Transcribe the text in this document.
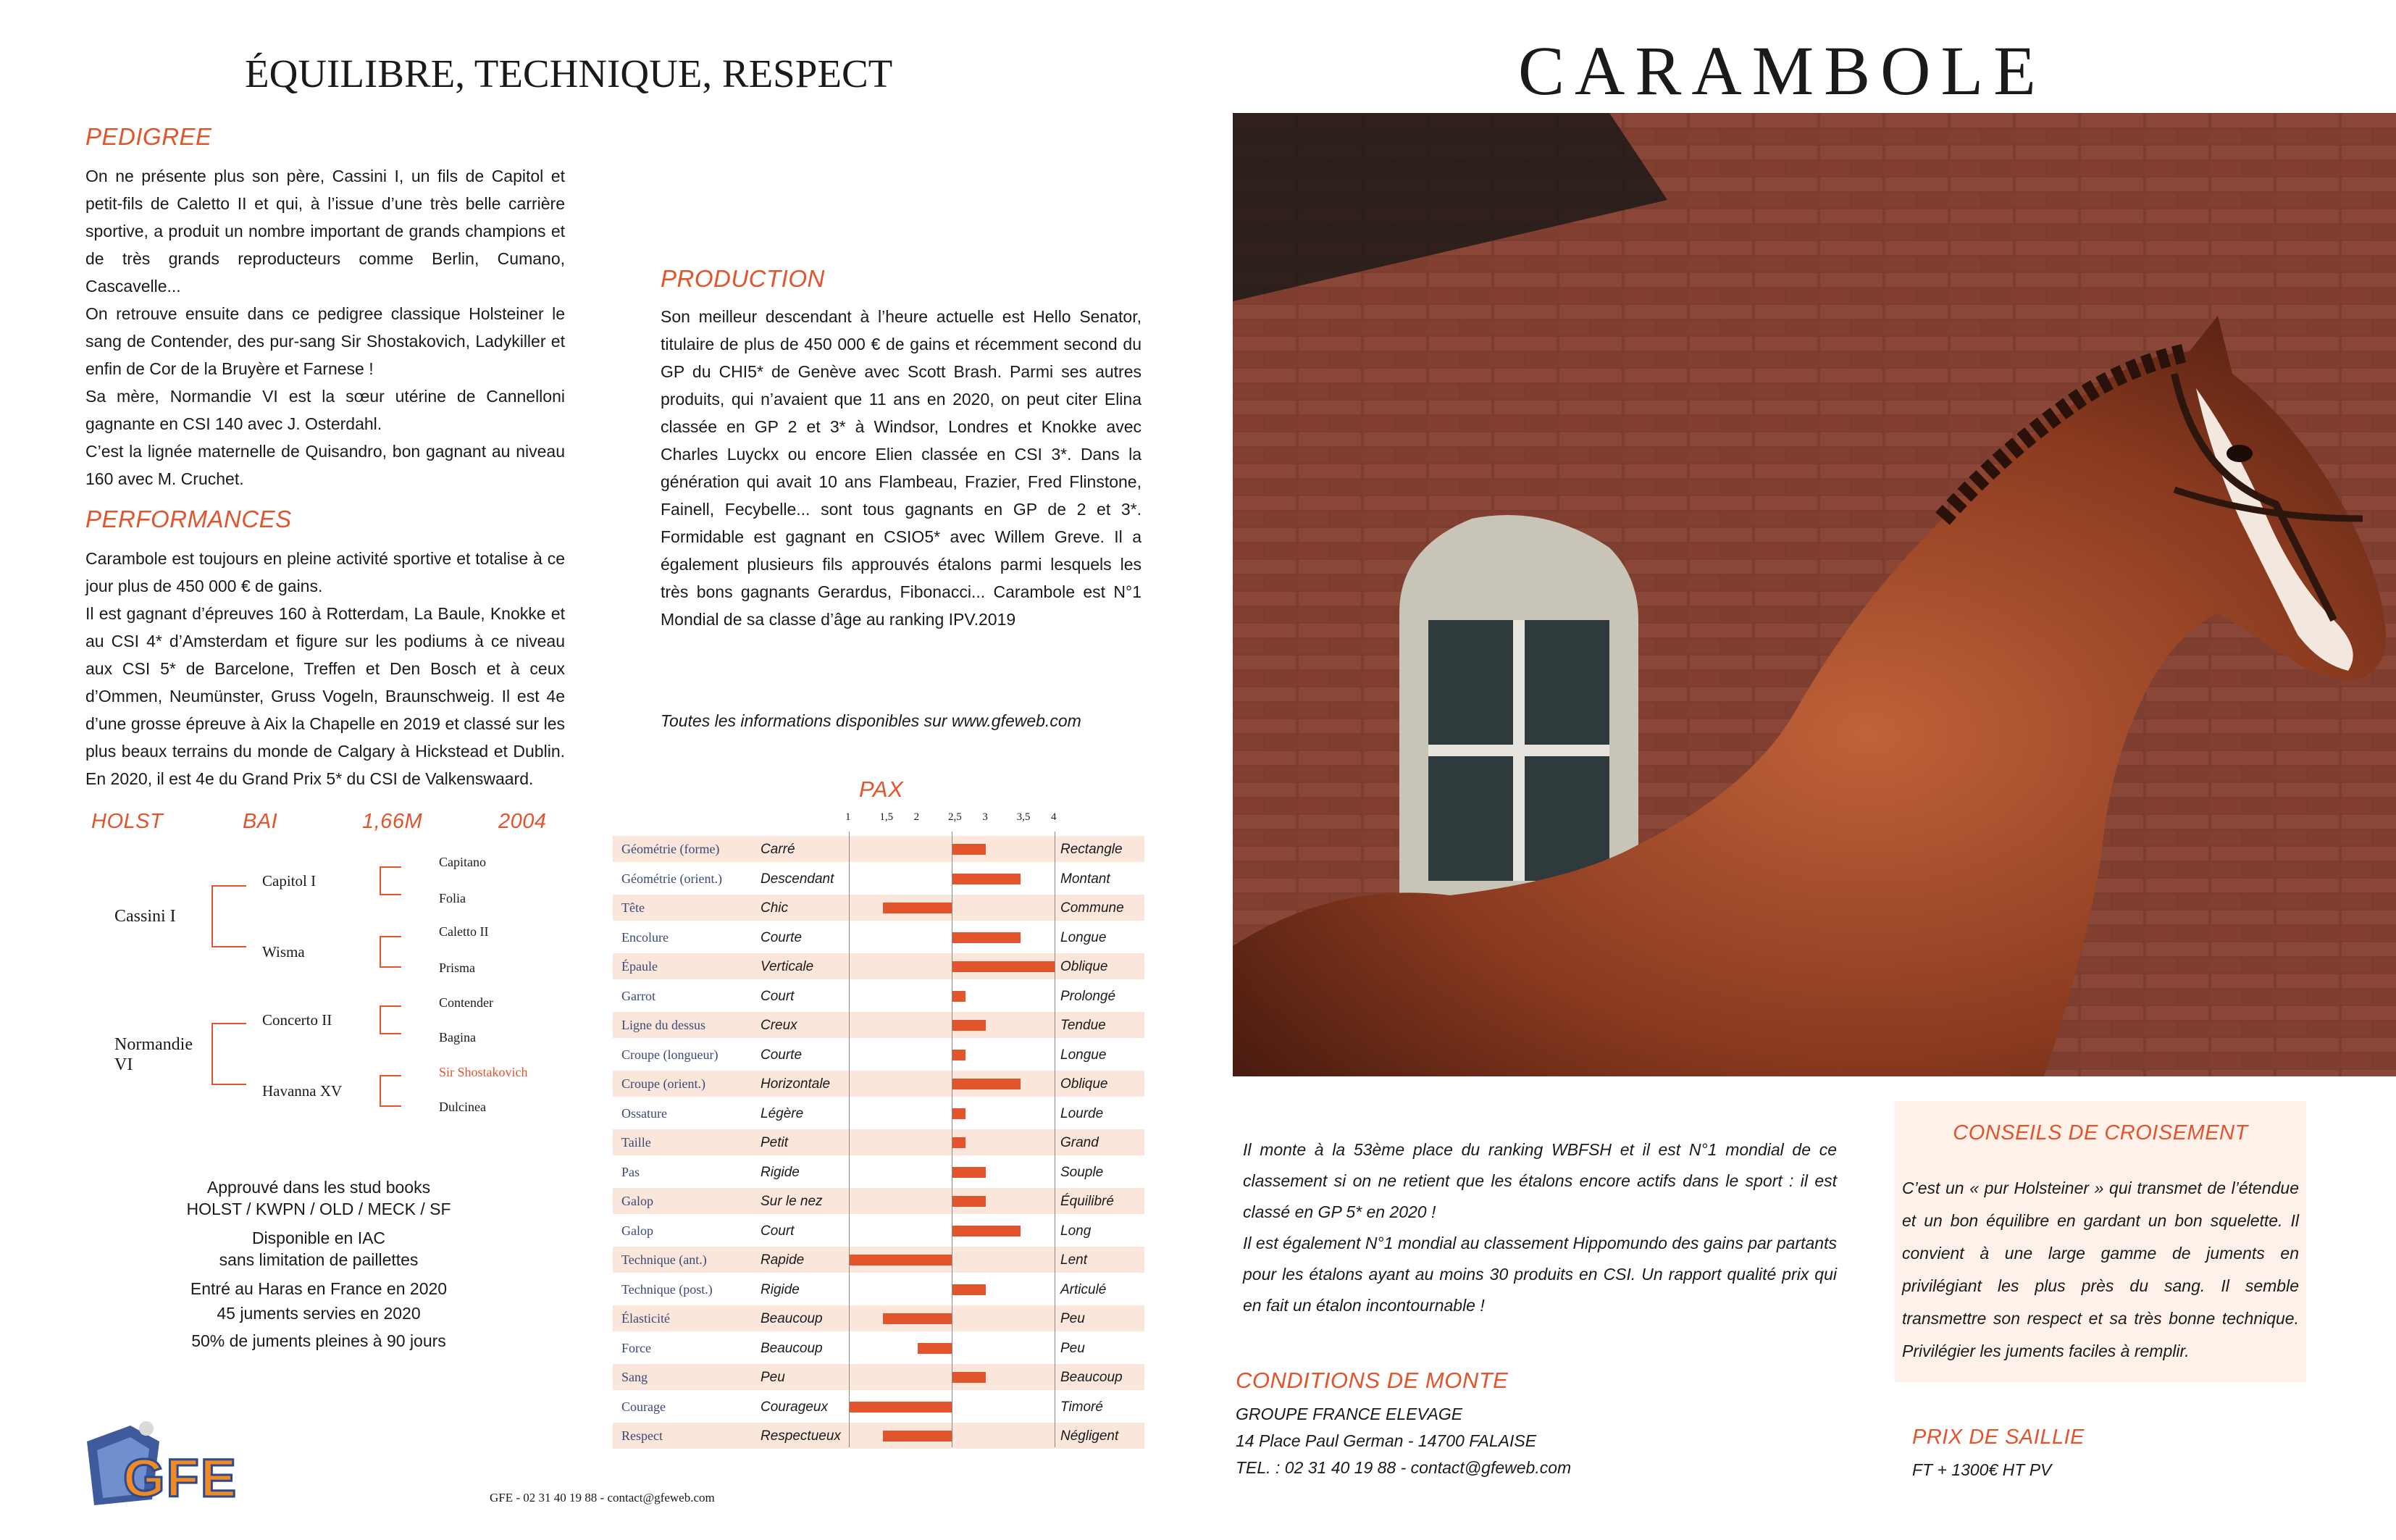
ÉQUILIBRE, TECHNIQUE, RESPECT
PEDIGREE

On ne présente plus son père, Cassini I, un fils de Capitol et petit-fils de Caletto II et qui, à l’issue d’une très belle carrière sportive, a produit un nombre important de grands champions et de très grands reproducteurs comme Berlin, Cumano, Cascavelle...

On retrouve ensuite dans ce pedigree classique Holsteiner le sang de Contender, des pur-sang Sir Shostakovich, Ladykiller et enfin de Cor de la Bruyère et Farnese !

Sa mère, Normandie VI est la sœur utérine de Cannelloni gagnante en CSI 140 avec J. Osterdahl.

C’est la lignée maternelle de Quisandro, bon gagnant au niveau 160 avec M. Cruchet.

PERFORMANCES

Carambole est toujours en pleine activité sportive et totalise à ce jour plus de 450 000 € de gains.

Il est gagnant d’épreuves 160 à Rotterdam, La Baule, Knokke et au CSI 4* d’Amsterdam et figure sur les podiums à ce niveau aux CSI 5* de Barcelone, Treffen et Den Bosch et à ceux d’Ommen, Neumünster, Gruss Vogeln, Braunschweig. Il est 4e d’une grosse épreuve à Aix la Chapelle en 2019 et classé sur les plus beaux terrains du monde de Calgary à Hickstead et Dublin. En 2020, il est 4e du Grand Prix 5* du CSI de Valkenswaard.

PRODUCTION
Son meilleur descendant à l’heure actuelle est Hello Senator, titulaire de plus de 450 000 € de gains et récemment second du GP du CHI5* de Genève avec Scott Brash. Parmi ses autres produits, qui n’avaient que 11 ans en 2020, on peut citer Elina classée en GP 2 et 3* à Windsor, Londres et Knokke avec Charles Luyckx ou encore Elien classée en CSI 3*. Dans la génération qui avait 10 ans Flambeau, Frazier, Fred Flinstone, Fainell, Fecybelle... sont tous gagnants en GP de 2 et 3*. Formidable est gagnant en CSIO5* avec Willem Greve. Il a également plusieurs fils approuvés étalons parmi lesquels les très bons gagnants Gerardus, Fibonacci... Carambole est N°1 Mondial de sa classe d’âge au ranking IPV.2019
Toutes les informations disponibles sur www.gfeweb.com
HOLST	BAI	1,66M	2004
Cassini I
Normandie VI
Capitol I
Wisma
Concerto II
Havanna XV
Capitano
Folia
Caletto II
Prisma
Contender
Bagina
Sir Shostakovich
Dulcinea
Approuvé dans les stud books
HOLST / KWPN / OLD / MECK / SF
Disponible en IAC
sans limitation de paillettes
Entré au Haras en France en 2020
45 juments servies en 2020
50% de juments pleines à 90 jours
GFE	GFE - 02 31 40 19 88 - contact@gfeweb.com
PAX
1	1,5 2	2,5 3	3,5 4
Géométrie (forme)	Carré	Rectangle
Géométrie (orient.)	Descendant	Montant
Tête	Chic	Commune
Encolure	Courte	Longue
Épaule	Verticale	Oblique
Garrot	Court	Prolongé
Ligne du dessus	Creux	Tendue
Croupe (longueur)	Courte	Longue
Croupe (orient.)	Horizontale	Oblique
Ossature	Légère	Lourde
Taille	Petit	Grand
Pas	Rigide	Souple
Galop	Sur le nez	Équilibré
Galop	Court	Long
Technique (ant.)	Rapide	Lent
Technique (post.)	Rigide	Articulé
Élasticité	Beaucoup	Peu
Force	Beaucoup	Peu
Sang	Peu	Beaucoup
Courage	Courageux	Timoré
Respect	Respectueux	Négligent
CARAMBOLE

Il monte à la 53ème place du ranking WBFSH et il est N°1 mondial de ce classement si on ne retient que les étalons encore actifs dans le sport : il est classé en GP 5* en 2020 !

Il est également N°1 mondial au classement Hippomundo des gains par partants pour les étalons ayant au moins 30 produits en CSI. Un rapport qualité prix qui en fait un étalon incontournable !

CONDITIONS DE MONTE
GROUPE FRANCE ELEVAGE
14 Place Paul German - 14700 FALAISE
TEL. : 02 31 40 19 88 - contact@gfeweb.com
CONSEILS DE CROISEMENT
C’est un « pur Holsteiner » qui transmet de l’étendue et un bon équilibre en gardant un bon squelette. Il convient à une large gamme de juments en privilégiant les plus près du sang. Il semble transmettre son respect et sa très bonne technique. Privilégier les juments faciles à remplir.
PRIX DE SAILLIE
FT + 1300€ HT PV
